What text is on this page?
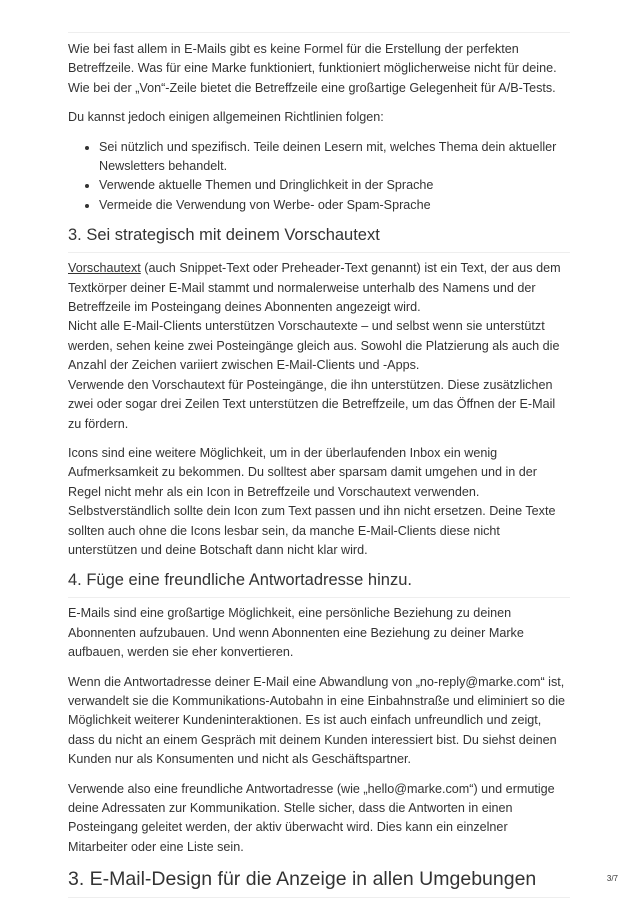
Wie bei fast allem in E-Mails gibt es keine Formel für die Erstellung der perfekten Betreffzeile. Was für eine Marke funktioniert, funktioniert möglicherweise nicht für deine. Wie bei der „Von“-Zeile bietet die Betreffzeile eine großartige Gelegenheit für A/B-Tests.

Du kannst jedoch einigen allgemeinen Richtlinien folgen:

• Sei nützlich und spezifisch. Teile deinen Lesern mit, welches Thema dein aktueller Newsletters behandelt.
• Verwende aktuelle Themen und Dringlichkeit in der Sprache
• Vermeide die Verwendung von Werbe- oder Spam-Sprache
3. Sei strategisch mit deinem Vorschautext

Vorschautext (auch Snippet-Text oder Preheader-Text genannt) ist ein Text, der aus dem Textkörper deiner E-Mail stammt und normalerweise unterhalb des Namens und der Betreffzeile im Posteingang deines Abonnenten angezeigt wird.
Nicht alle E-Mail-Clients unterstützen Vorschautexte – und selbst wenn sie unterstützt werden, sehen keine zwei Posteingänge gleich aus. Sowohl die Platzierung als auch die Anzahl der Zeichen variiert zwischen E-Mail-Clients und -Apps.
Verwende den Vorschautext für Posteingänge, die ihn unterstützen. Diese zusätzlichen zwei oder sogar drei Zeilen Text unterstützen die Betreffzeile, um das Öffnen der E-Mail zu fördern.

Icons sind eine weitere Möglichkeit, um in der überlaufenden Inbox ein wenig Aufmerksamkeit zu bekommen. Du solltest aber sparsam damit umgehen und in der Regel nicht mehr als ein Icon in Betreffzeile und Vorschautext verwenden. Selbstverständlich sollte dein Icon zum Text passen und ihn nicht ersetzen. Deine Texte sollten auch ohne die Icons lesbar sein, da manche E-Mail-Clients diese nicht unterstützen und deine Botschaft dann nicht klar wird.

4. Füge eine freundliche Antwortadresse hinzu.

E-Mails sind eine großartige Möglichkeit, eine persönliche Beziehung zu deinen Abonnenten aufzubauen. Und wenn Abonnenten eine Beziehung zu deiner Marke aufbauen, werden sie eher konvertieren.

Wenn die Antwortadresse deiner E-Mail eine Abwandlung von „no-reply@marke.com“ ist, verwandelt sie die Kommunikations-Autobahn in eine Einbahnstraße und eliminiert so die Möglichkeit weiterer Kundeninteraktionen. Es ist auch einfach unfreundlich und zeigt, dass du nicht an einem Gespräch mit deinem Kunden interessiert bist. Du siehst deinen Kunden nur als Konsumenten und nicht als Geschäftspartner.

Verwende also eine freundliche Antwortadresse (wie „hello@marke.com“) und ermutige deine Adressaten zur Kommunikation. Stelle sicher, dass die Antworten in einen Posteingang geleitet werden, der aktiv überwacht wird. Dies kann ein einzelner Mitarbeiter oder eine Liste sein.

3. E-Mail-Design für die Anzeige in allen Umgebungen	3/7
